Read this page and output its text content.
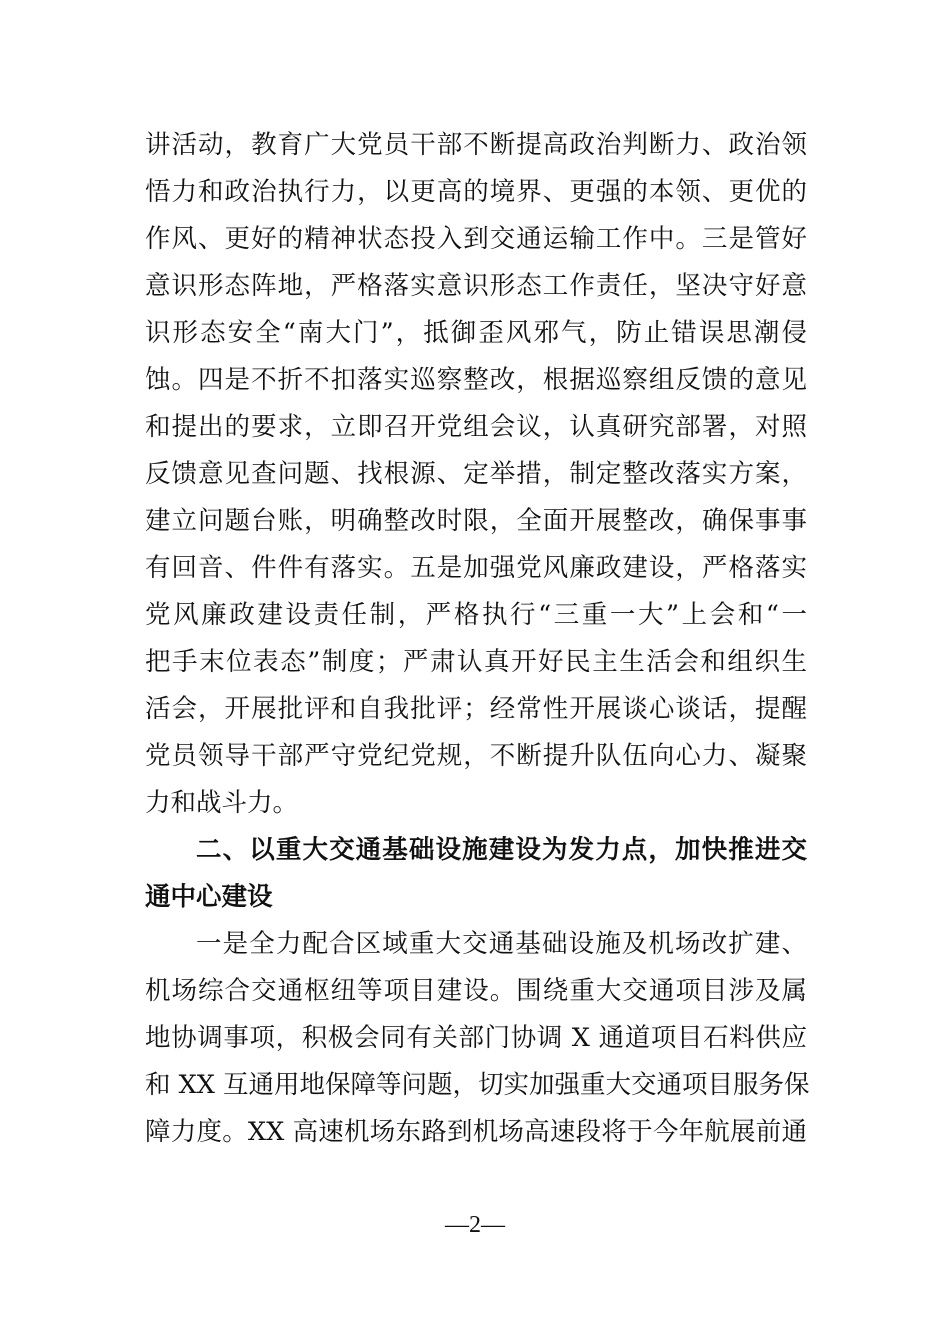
讲活动，教育广大党员干部不断提高政治判断力、政治领
悟力和政治执行力，以更高的境界、更强的本领、更优的
作风、更好的精神状态投入到交通运输工作中。三是管好
意识形态阵地，严格落实意识形态工作责任，坚决守好意
识形态安全“南大门”，抵御歪风邪气，防止错误思潮侵
蚀。四是不折不扣落实巡察整改，根据巡察组反馈的意见
和提出的要求，立即召开党组会议，认真研究部署，对照
反馈意见查问题、找根源、定举措，制定整改落实方案，
建立问题台账，明确整改时限，全面开展整改，确保事事
有回音、件件有落实。五是加强党风廉政建设，严格落实
党风廉政建设责任制，严格执行“三重一大”上会和“一
把手末位表态”制度；严肃认真开好民主生活会和组织生
活会，开展批评和自我批评；经常性开展谈心谈话，提醒
党员领导干部严守党纪党规，不断提升队伍向心力、凝聚
力和战斗力。
二、以重大交通基础设施建设为发力点，加快推进交
通中心建设
一是全力配合区域重大交通基础设施及机场改扩建、
机场综合交通枢纽等项目建设。围绕重大交通项目涉及属
地协调事项，积极会同有关部门协调 X 通道项目石料供应
和 XX 互通用地保障等问题，切实加强重大交通项目服务保
障力度。XX 高速机场东路到机场高速段将于今年航展前通
—2—
